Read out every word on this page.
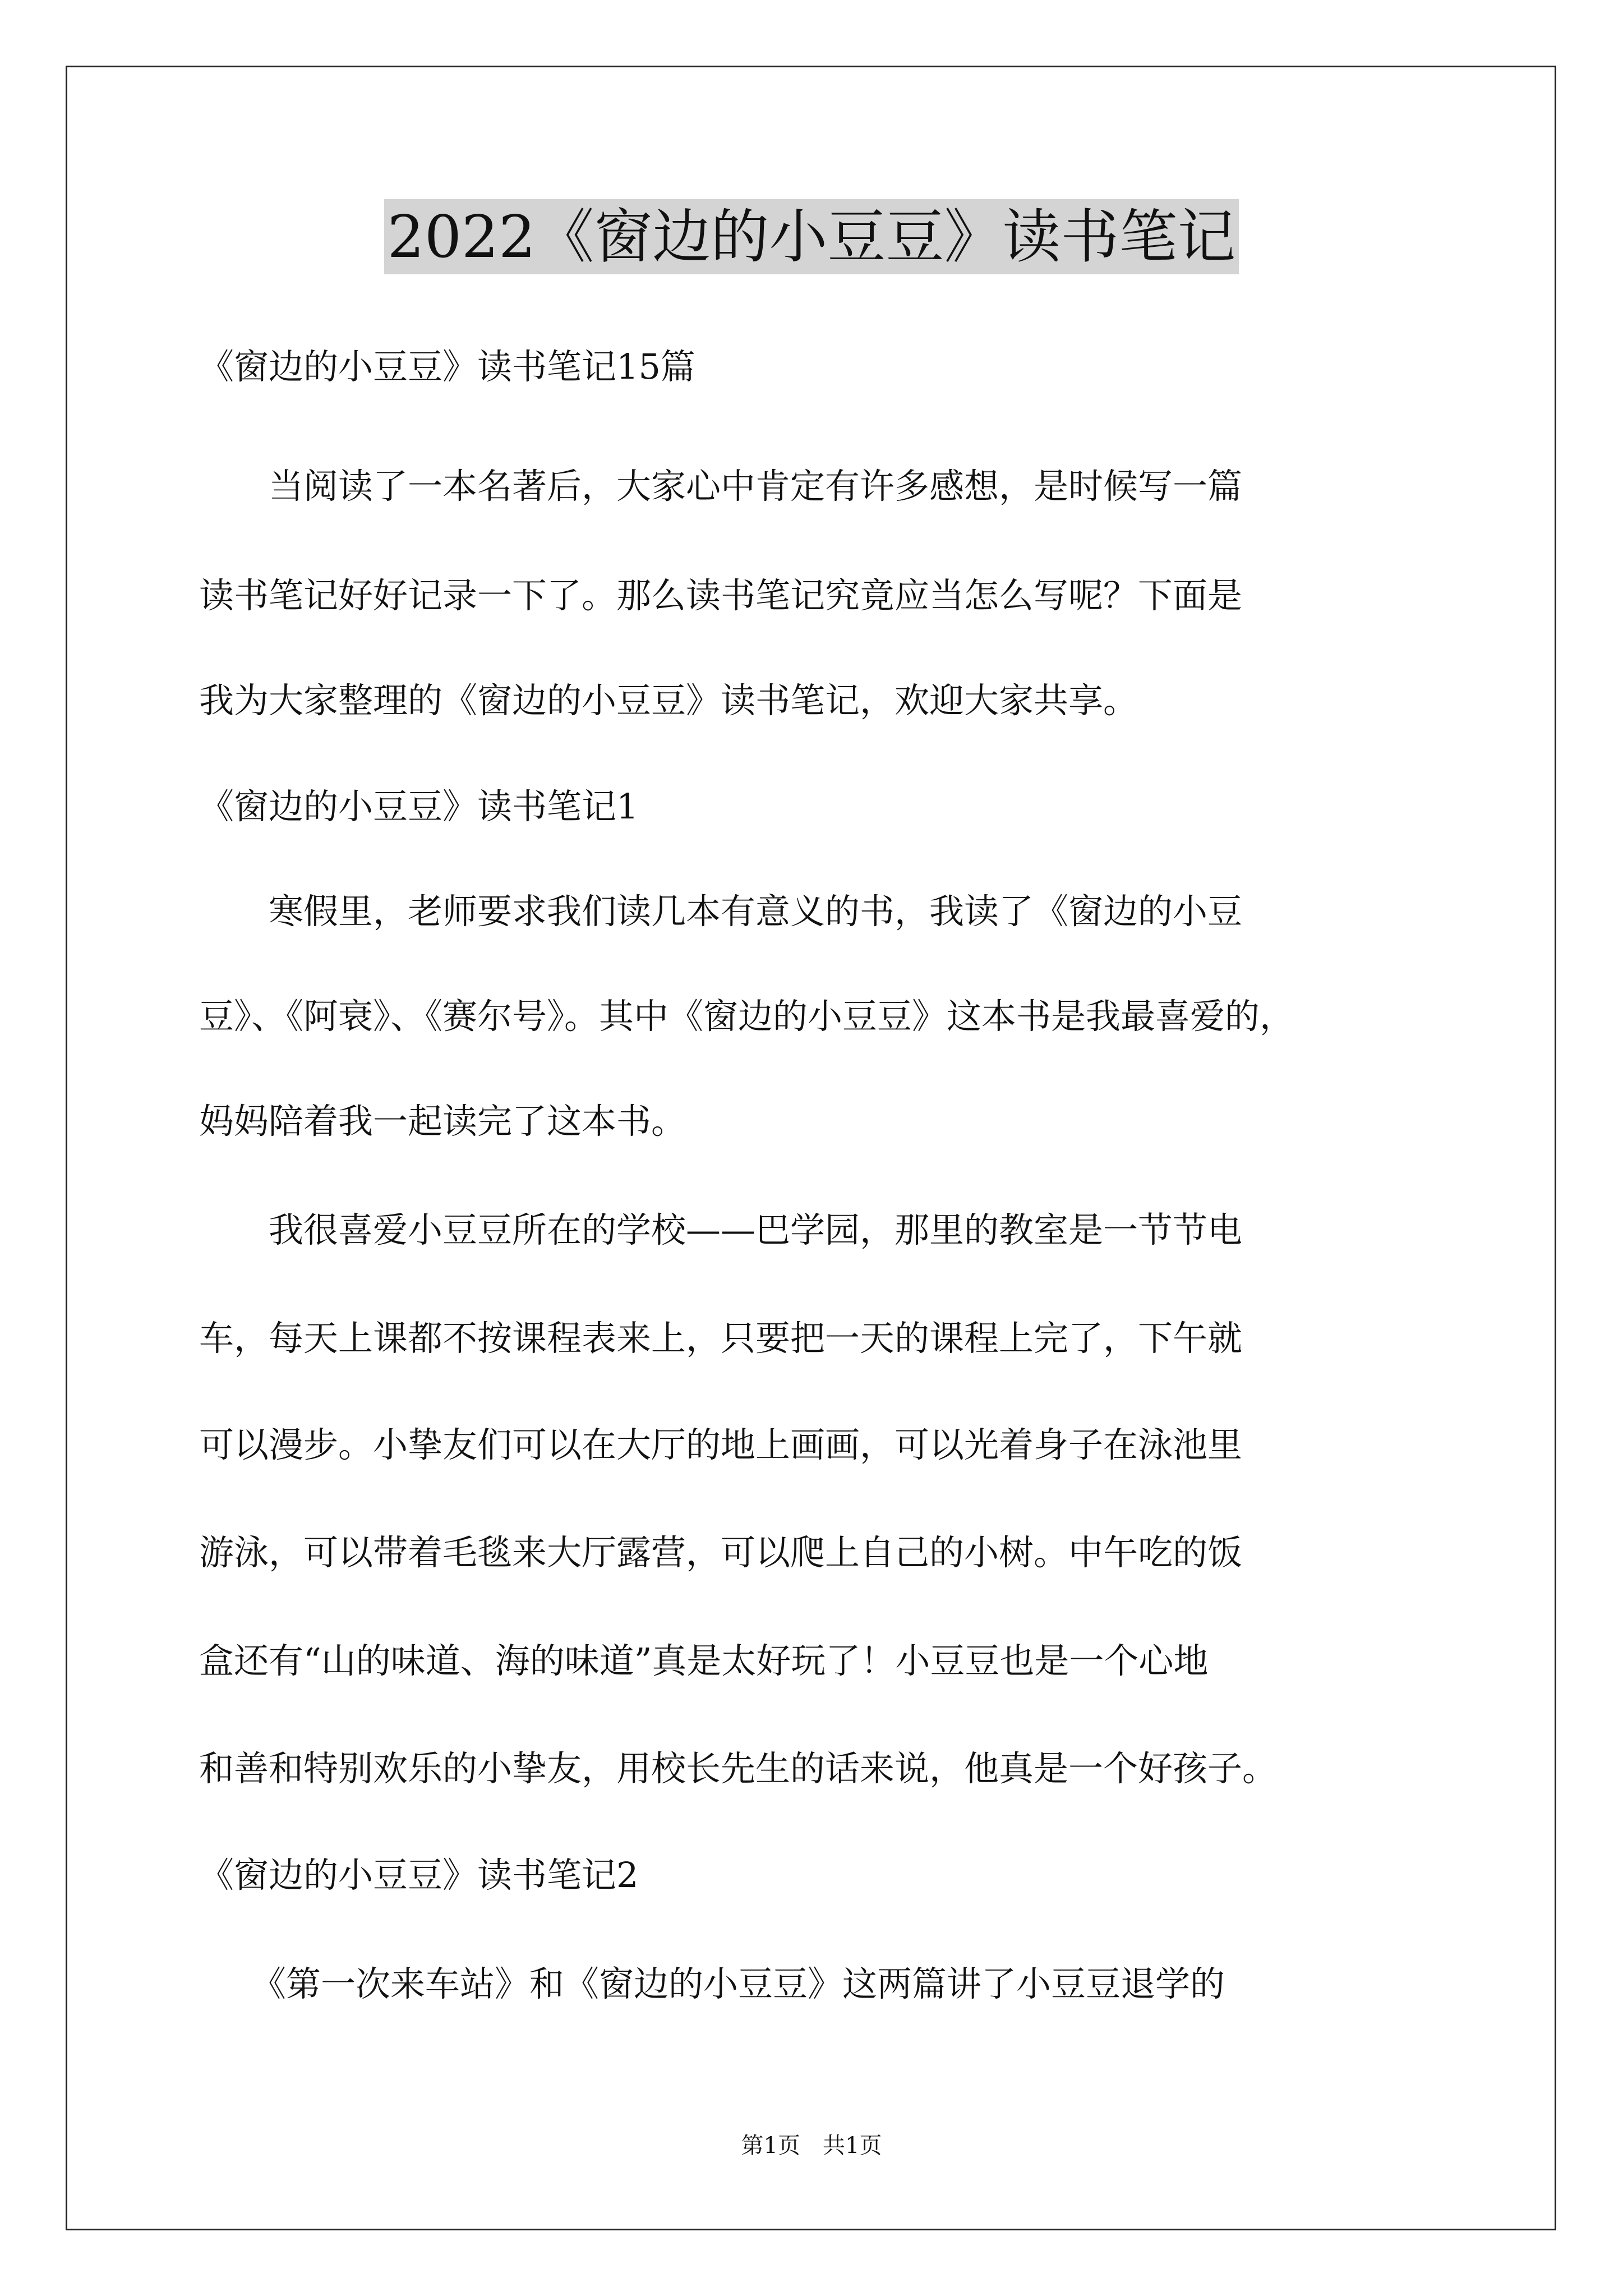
2022《窗边的小豆豆》读书笔记
《窗边的小豆豆》读书笔记15篇
　　当阅读了一本名著后，大家心中肯定有许多感想，是时候写一篇
读书笔记好好记录一下了。那么读书笔记究竟应当怎么写呢？下面是
我为大家整理的《窗边的小豆豆》读书笔记，欢迎大家共享。
《窗边的小豆豆》读书笔记1
　　寒假里，老师要求我们读几本有意义的书，我读了《窗边的小豆
豆》、《阿衰》、《赛尔号》。其中《窗边的小豆豆》这本书是我最喜爱的，
妈妈陪着我一起读完了这本书。
　　我很喜爱小豆豆所在的学校——巴学园，那里的教室是一节节电
车，每天上课都不按课程表来上，只要把一天的课程上完了，下午就
可以漫步。小挚友们可以在大厅的地上画画，可以光着身子在泳池里
游泳，可以带着毛毯来大厅露营，可以爬上自己的小树。中午吃的饭
盒还有“山的味道、海的味道”真是太好玩了！小豆豆也是一个心地
和善和特别欢乐的小挚友，用校长先生的话来说，他真是一个好孩子。
《窗边的小豆豆》读书笔记2
　　《第一次来车站》和《窗边的小豆豆》这两篇讲了小豆豆退学的
第1页　共1页
